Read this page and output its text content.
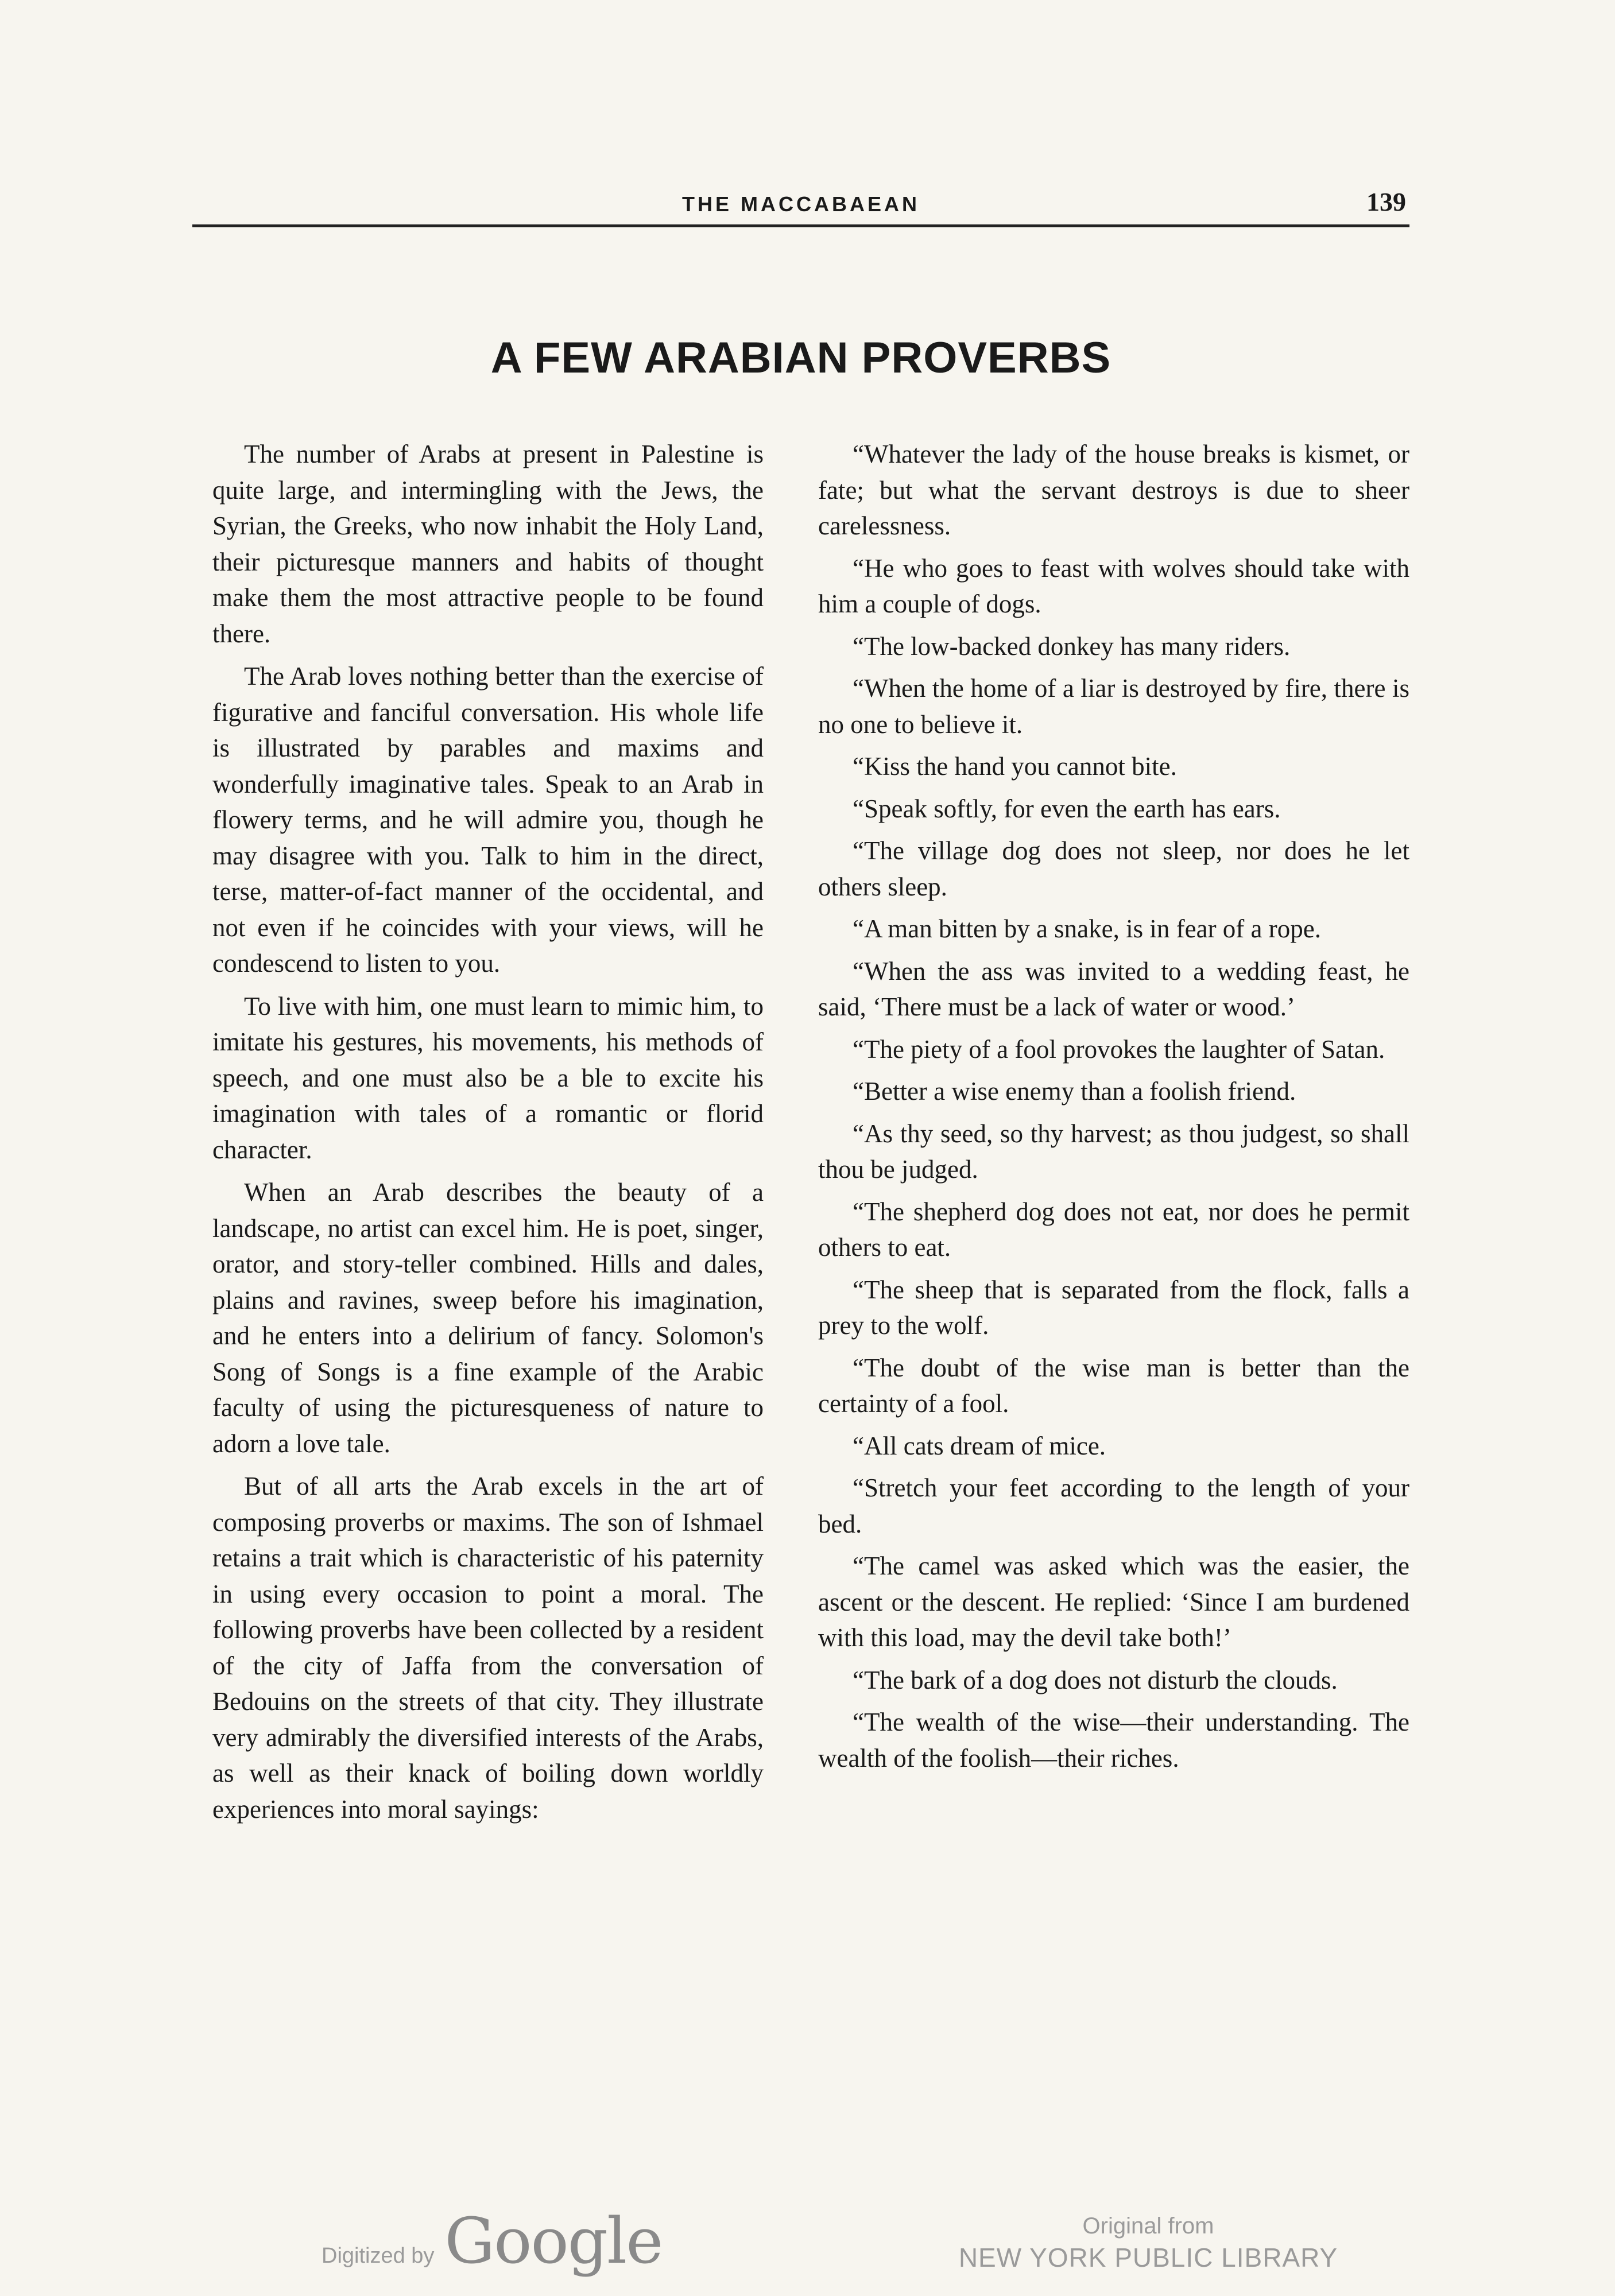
THE MACCABAEAN	139
A FEW ARABIAN PROVERBS

The number of Arabs at present in Palestine is quite large, and intermingling with the Jews, the Syrian, the Greeks, who now inhabit the Holy Land, their picturesque manners and habits of thought make them the most attractive people to be found there.

The Arab loves nothing better than the exercise of figurative and fanciful conversation. His whole life is illustrated by parables and maxims and wonderfully imaginative tales. Speak to an Arab in flowery terms, and he will admire you, though he may disagree with you. Talk to him in the direct, terse, matter-of-fact manner of the occidental, and not even if he coincides with your views, will he condescend to listen to you.

To live with him, one must learn to mimic him, to imitate his gestures, his movements, his methods of speech, and one must also be a ble to excite his imagination with tales of a romantic or florid character.

When an Arab describes the beauty of a landscape, no artist can excel him. He is poet, singer, orator, and story-teller combined. Hills and dales, plains and ravines, sweep before his imagination, and he enters into a delirium of fancy. Solomon's Song of Songs is a fine example of the Arabic faculty of using the picturesqueness of nature to adorn a love tale.

But of all arts the Arab excels in the art of composing proverbs or maxims. The son of Ishmael retains a trait which is characteristic of his paternity in using every occasion to point a moral. The following proverbs have been collected by a resident of the city of Jaffa from the conversation of Bedouins on the streets of that city. They illustrate very admirably the diversified interests of the Arabs, as well as their knack of boiling down worldly experiences into moral sayings:

“Whatever the lady of the house breaks is kismet, or fate; but what the servant destroys is due to sheer carelessness.

“He who goes to feast with wolves should take with him a couple of dogs.

“The low-backed donkey has many riders.

“When the home of a liar is destroyed by fire, there is no one to believe it.

“Kiss the hand you cannot bite.

“Speak softly, for even the earth has ears.

“The village dog does not sleep, nor does he let others sleep.

“A man bitten by a snake, is in fear of a rope.

“When the ass was invited to a wedding feast, he said, ‘There must be a lack of water or wood.’

“The piety of a fool provokes the laughter of Satan.

“Better a wise enemy than a foolish friend.

“As thy seed, so thy harvest; as thou judgest, so shall thou be judged.

“The shepherd dog does not eat, nor does he permit others to eat.

“The sheep that is separated from the flock, falls a prey to the wolf.

“The doubt of the wise man is better than the certainty of a fool.

“All cats dream of mice.

“Stretch your feet according to the length of your bed.

“The camel was asked which was the easier, the ascent or the descent. He replied: ‘Since I am burdened with this load, may the devil take both!’

“The bark of a dog does not disturb the clouds.

“The wealth of the wise—their understanding. The wealth of the foolish—their riches.

Digitized by Google	Original from
NEW YORK PUBLIC LIBRARY
